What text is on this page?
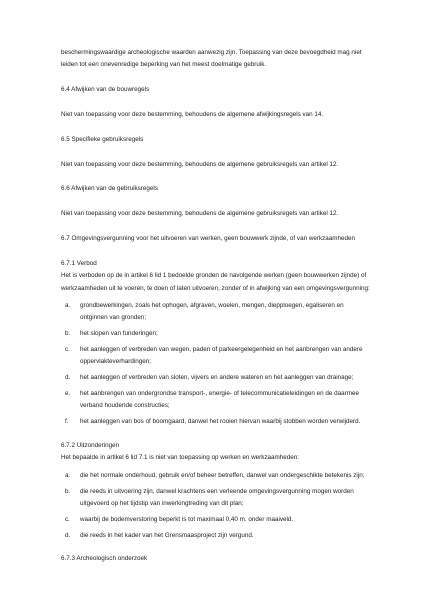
beschermingswaardige archeologische waarden aanwezig zijn. Toepassing van deze bevoegdheid mag niet leiden tot een onevenredige beperking van het meest doelmatige gebruik.

6.4 Afwijken van de bouwregels

Niet van toepassing voor deze bestemming, behoudens de algemene afwijkingsregels van 14.

6.5 Specifieke gebruiksregels

Niet van toepassing voor deze bestemming, behoudens de algemene gebruiksregels van artikel 12.

6.6 Afwijken van de gebruiksregels

Niet van toepassing voor deze bestemming, behoudens de algemene gebruiksregels van artikel 12.

6.7 Omgevingsvergunning voor het uitvoeren van werken, geen bouwwerk zijnde, of van werkzaamheden

6.7.1 Verbod

Het is verboden op de in artikel 6 lid 1 bedoelde gronden de navolgende werken (geen bouwwerken zijnde) of werkzaamheden uit te voeren, te doen of laten uitvoeren, zonder of in afwijking van een omgevingsvergunning:

a. grondbewerkingen, zoals het ophogen, afgraven, woelen, mengen, diepploegen, egaliseren en ontginnen van gronden;
b. het slopen van funderingen;
c. het aanleggen of verbreden van wegen, paden of parkeergelegenheid en het aanbrengen van andere oppervlakteverhardingen;
d. het aanleggen of verbreden van sloten, vijvers en andere wateren en het aanleggen van drainage;
e. het aanbrengen van ondergrondse transport-, energie- of telecommunicatieleidingen en de daarmee verband houdende constructies;
f. het aanleggen van bos of boomgaard, danwel het rooien hiervan waarbij stobben worden verwijderd.

6.7.2 Uitzonderingen

Het bepaalde in artikel 6 lid 7.1 is niet van toepassing op werken en werkzaamheden:

a. die het normale onderhoud, gebruik en/of beheer betreffen, danwel van ondergeschikte betekenis zijn;
b. die reeds in uitvoering zijn, danwel krachtens een verleende omgevingsvergunning mogen worden uitgevoerd op het tijdstip van inwerkingtreding van dit plan;
c. waarbij de bodemverstoring beperkt is tot maximaal 0,40 m. onder maaiveld.
d. die reeds in het kader van het Grensmaasproject zijn vergund.

6.7.3 Archeologisch onderzoek
